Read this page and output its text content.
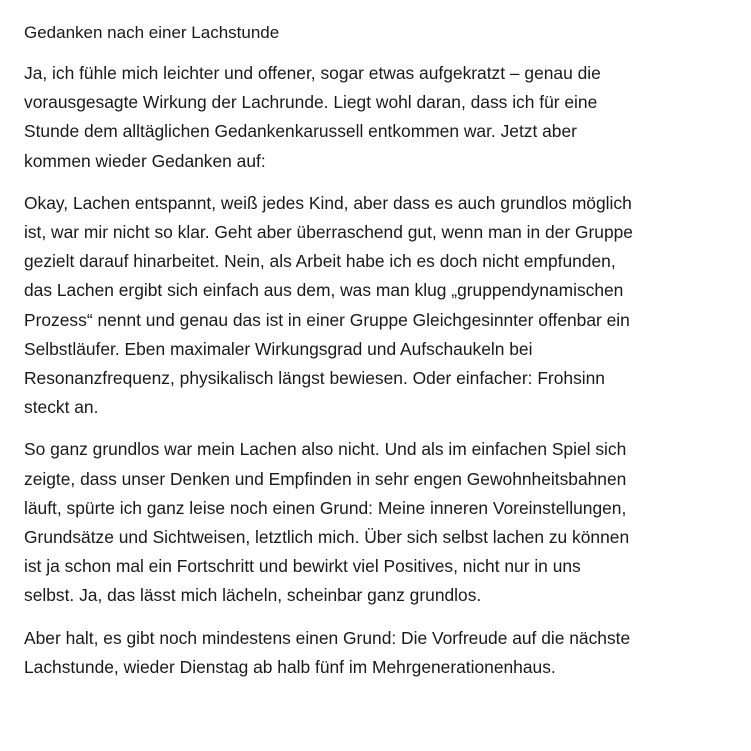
Gedanken nach einer Lachstunde
Ja, ich fühle mich leichter und offener, sogar etwas aufgekratzt – genau die
vorausgesagte Wirkung der Lachrunde. Liegt wohl daran, dass ich für eine
Stunde dem alltäglichen Gedankenkarussell entkommen war. Jetzt aber
kommen wieder Gedanken auf:
Okay, Lachen entspannt, weiß jedes Kind, aber dass es auch grundlos möglich
ist, war mir nicht so klar. Geht aber überraschend gut, wenn man in der Gruppe
gezielt darauf hinarbeitet. Nein, als Arbeit habe ich es doch nicht empfunden,
das Lachen ergibt sich einfach aus dem, was man klug „gruppendynamischen
Prozess“ nennt und genau das ist in einer Gruppe Gleichgesinnter offenbar ein
Selbstläufer. Eben maximaler Wirkungsgrad und Aufschaukeln bei
Resonanzfrequenz, physikalisch längst bewiesen. Oder einfacher: Frohsinn
steckt an.
So ganz grundlos war mein Lachen also nicht. Und als im einfachen Spiel sich
zeigte, dass unser Denken und Empfinden in sehr engen Gewohnheitsbahnen
läuft, spürte ich ganz leise noch einen Grund: Meine inneren Voreinstellungen,
Grundsätze und Sichtweisen, letztlich mich. Über sich selbst lachen zu können
ist ja schon mal ein Fortschritt und bewirkt viel Positives, nicht nur in uns
selbst. Ja, das lässt mich lächeln, scheinbar ganz grundlos.
Aber halt, es gibt noch mindestens einen Grund: Die Vorfreude auf die nächste
Lachstunde, wieder Dienstag ab halb fünf im Mehrgenerationenhaus.
